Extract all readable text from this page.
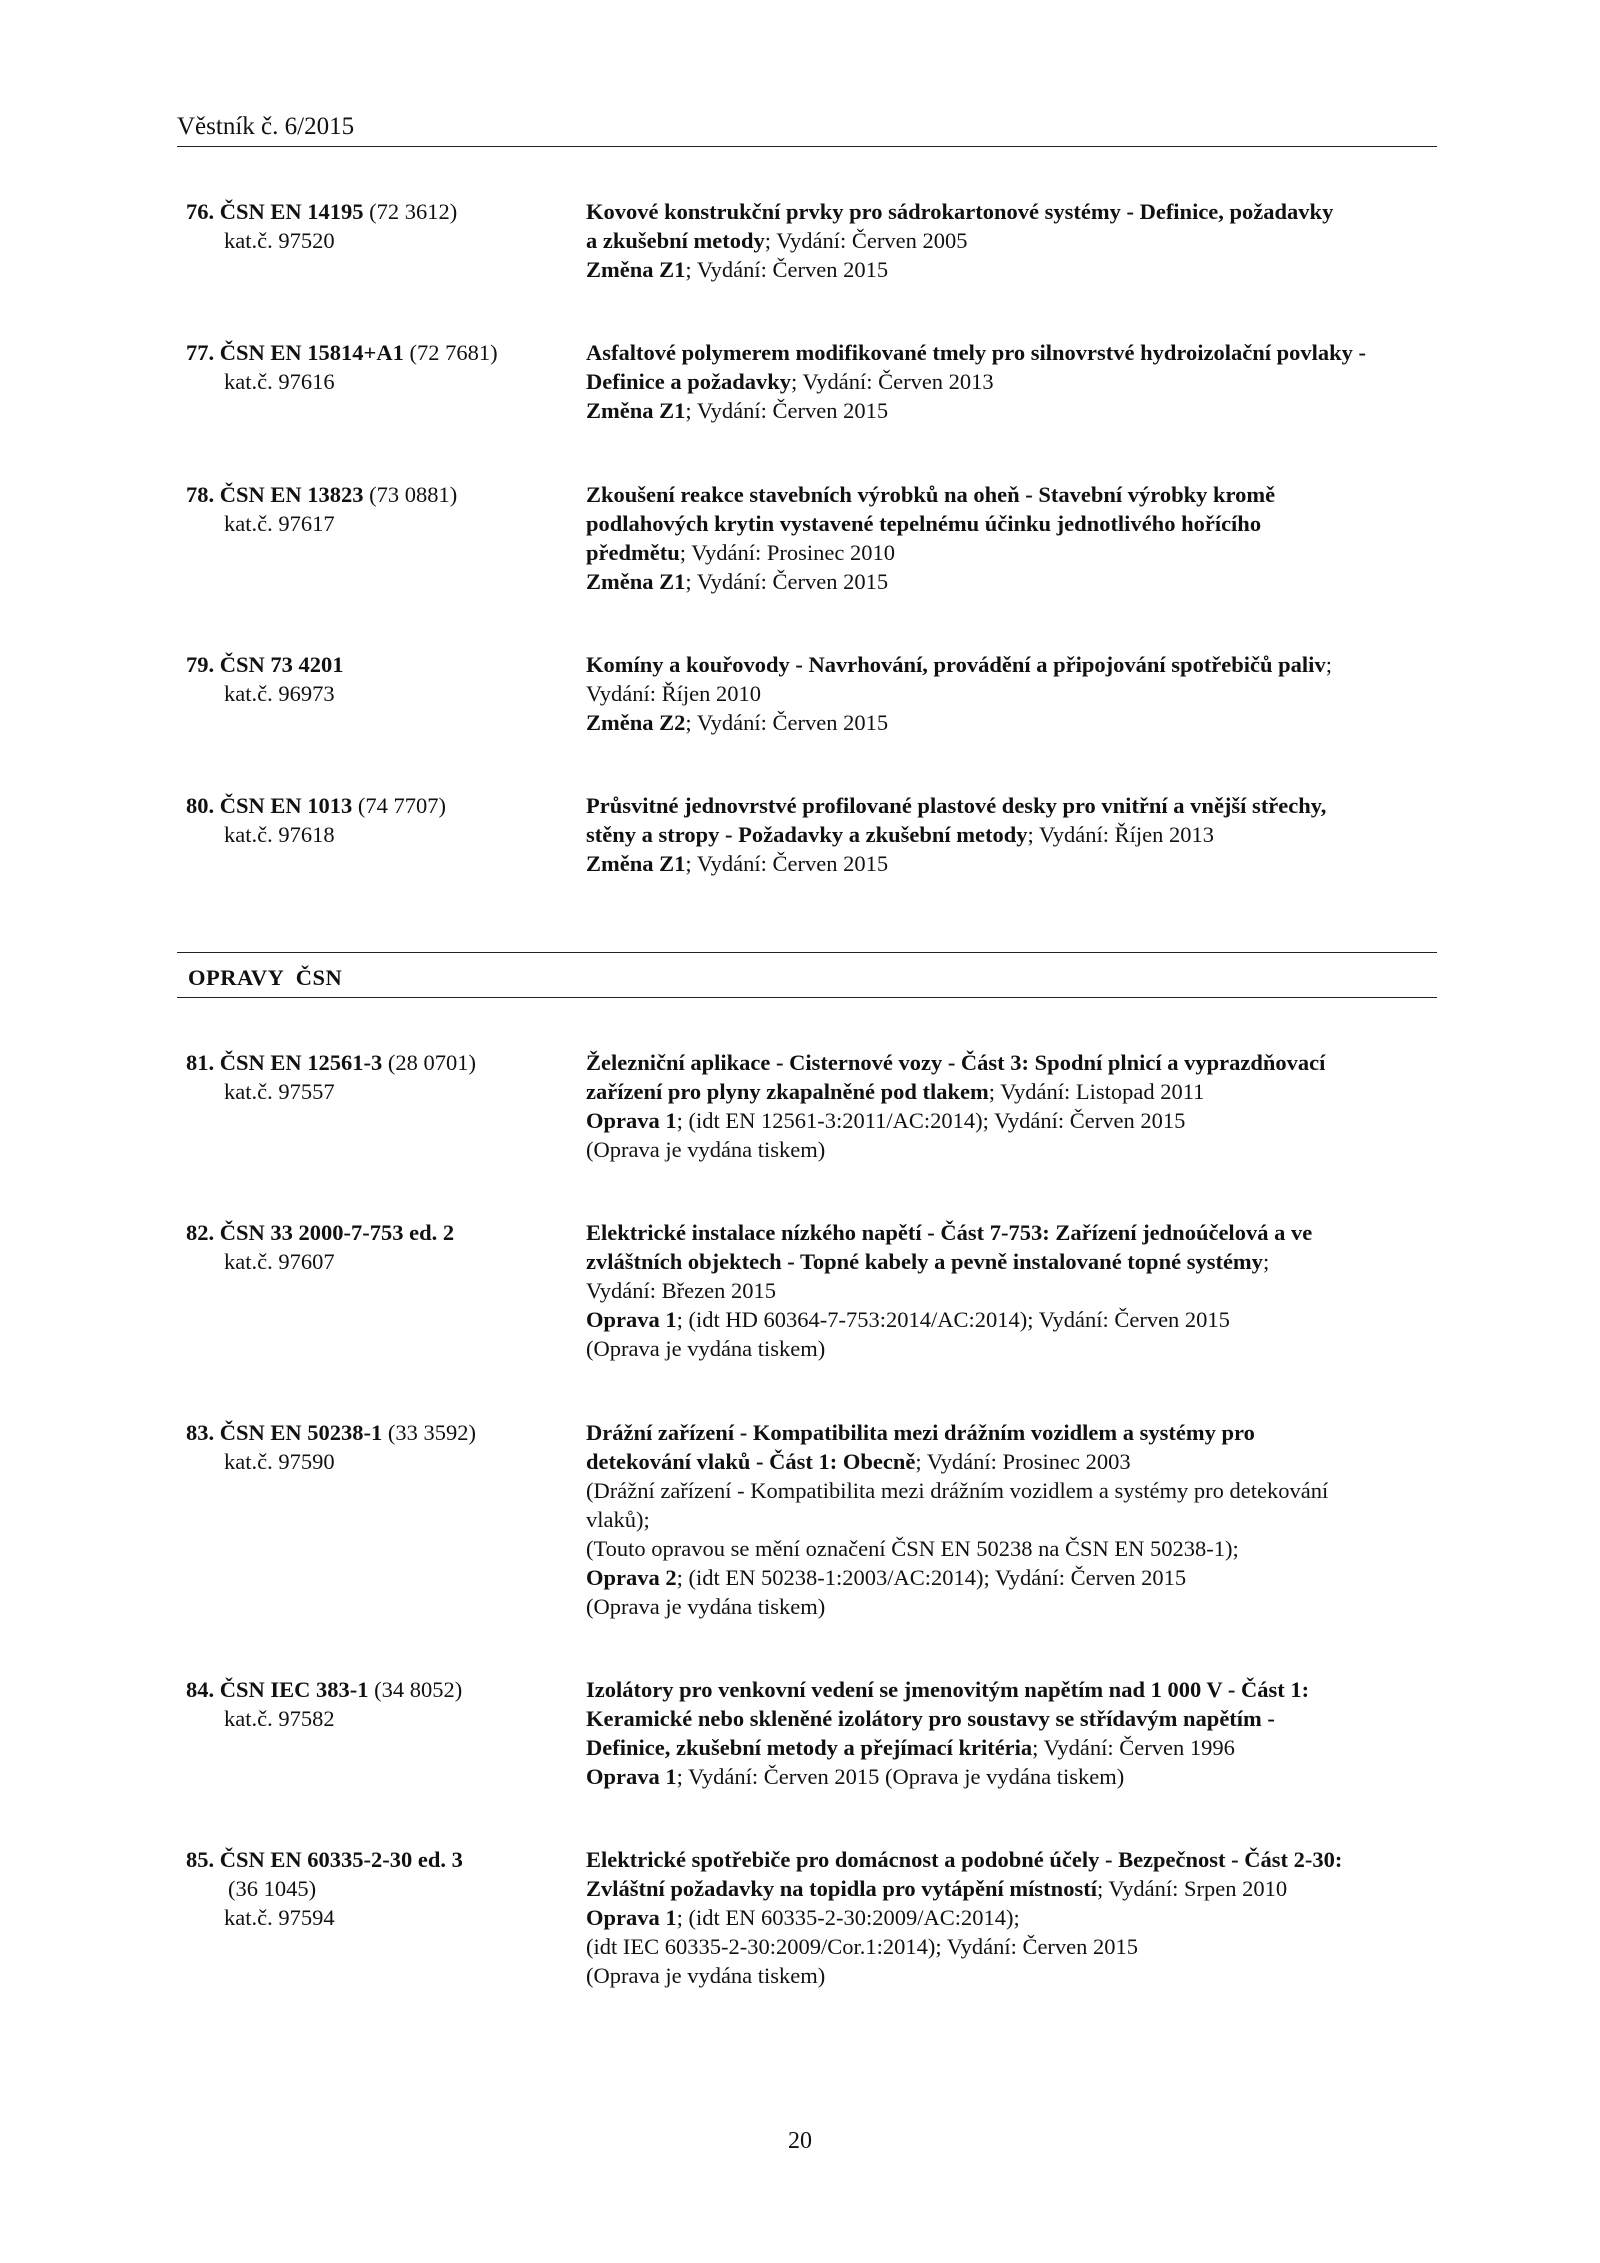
Věstník č. 6/2015
76. ČSN EN 14195 (72 3612)
kat.č. 97520
Kovové konstrukční prvky pro sádrokartonové systémy - Definice, požadavky
a zkušební metody; Vydání: Červen 2005
Změna Z1; Vydání: Červen 2015
77. ČSN EN 15814+A1 (72 7681)
kat.č. 97616
Asfaltové polymerem modifikované tmely pro silnovrstvé hydroizolační povlaky -
Definice a požadavky; Vydání: Červen 2013
Změna Z1; Vydání: Červen 2015
78. ČSN EN 13823 (73 0881)
kat.č. 97617
Zkoušení reakce stavebních výrobků na oheň - Stavební výrobky kromě
podlahových krytin vystavené tepelnému účinku jednotlivého hořícího
předmětu; Vydání: Prosinec 2010
Změna Z1; Vydání: Červen 2015
79. ČSN 73 4201
kat.č. 96973
Komíny a kouřovody - Navrhování, provádění a připojování spotřebičů paliv;
Vydání: Říjen 2010
Změna Z2; Vydání: Červen 2015
80. ČSN EN 1013 (74 7707)
kat.č. 97618
Průsvitné jednovrstvé profilované plastové desky pro vnitřní a vnější střechy,
stěny a stropy - Požadavky a zkušební metody; Vydání: Říjen 2013
Změna Z1; Vydání: Červen 2015
OPRAVY  ČSN
81. ČSN EN 12561-3 (28 0701)
kat.č. 97557
Železniční aplikace - Cisternové vozy - Část 3: Spodní plnicí a vyprazdňovací
zařízení pro plyny zkapalněné pod tlakem; Vydání: Listopad 2011
Oprava 1; (idt EN 12561-3:2011/AC:2014); Vydání: Červen 2015
(Oprava je vydána tiskem)
82. ČSN 33 2000-7-753 ed. 2
kat.č. 97607
Elektrické instalace nízkého napětí - Část 7-753: Zařízení jednoúčelová a ve
zvláštních objektech - Topné kabely a pevně instalované topné systémy;
Vydání: Březen 2015
Oprava 1; (idt HD 60364-7-753:2014/AC:2014); Vydání: Červen 2015
(Oprava je vydána tiskem)
83. ČSN EN 50238-1 (33 3592)
kat.č. 97590
Drážní zařízení - Kompatibilita mezi drážním vozidlem a systémy pro
detekování vlaků - Část 1: Obecně; Vydání: Prosinec 2003
(Drážní zařízení - Kompatibilita mezi drážním vozidlem a systémy pro detekování
vlaků);
(Touto opravou se mění označení ČSN EN 50238 na ČSN EN 50238-1);
Oprava 2; (idt EN 50238-1:2003/AC:2014); Vydání: Červen 2015
(Oprava je vydána tiskem)
84. ČSN IEC 383-1 (34 8052)
kat.č. 97582
Izolátory pro venkovní vedení se jmenovitým napětím nad 1 000 V - Část 1:
Keramické nebo skleněné izolátory pro soustavy se střídavým napětím -
Definice, zkušební metody a přejímací kritéria; Vydání: Červen 1996
Oprava 1; Vydání: Červen 2015 (Oprava je vydána tiskem)
85. ČSN EN 60335-2-30 ed. 3
(36 1045)
kat.č. 97594
Elektrické spotřebiče pro domácnost a podobné účely - Bezpečnost - Část 2-30:
Zvláštní požadavky na topidla pro vytápění místností; Vydání: Srpen 2010
Oprava 1; (idt EN 60335-2-30:2009/AC:2014);
(idt IEC 60335-2-30:2009/Cor.1:2014); Vydání: Červen 2015
(Oprava je vydána tiskem)
20
